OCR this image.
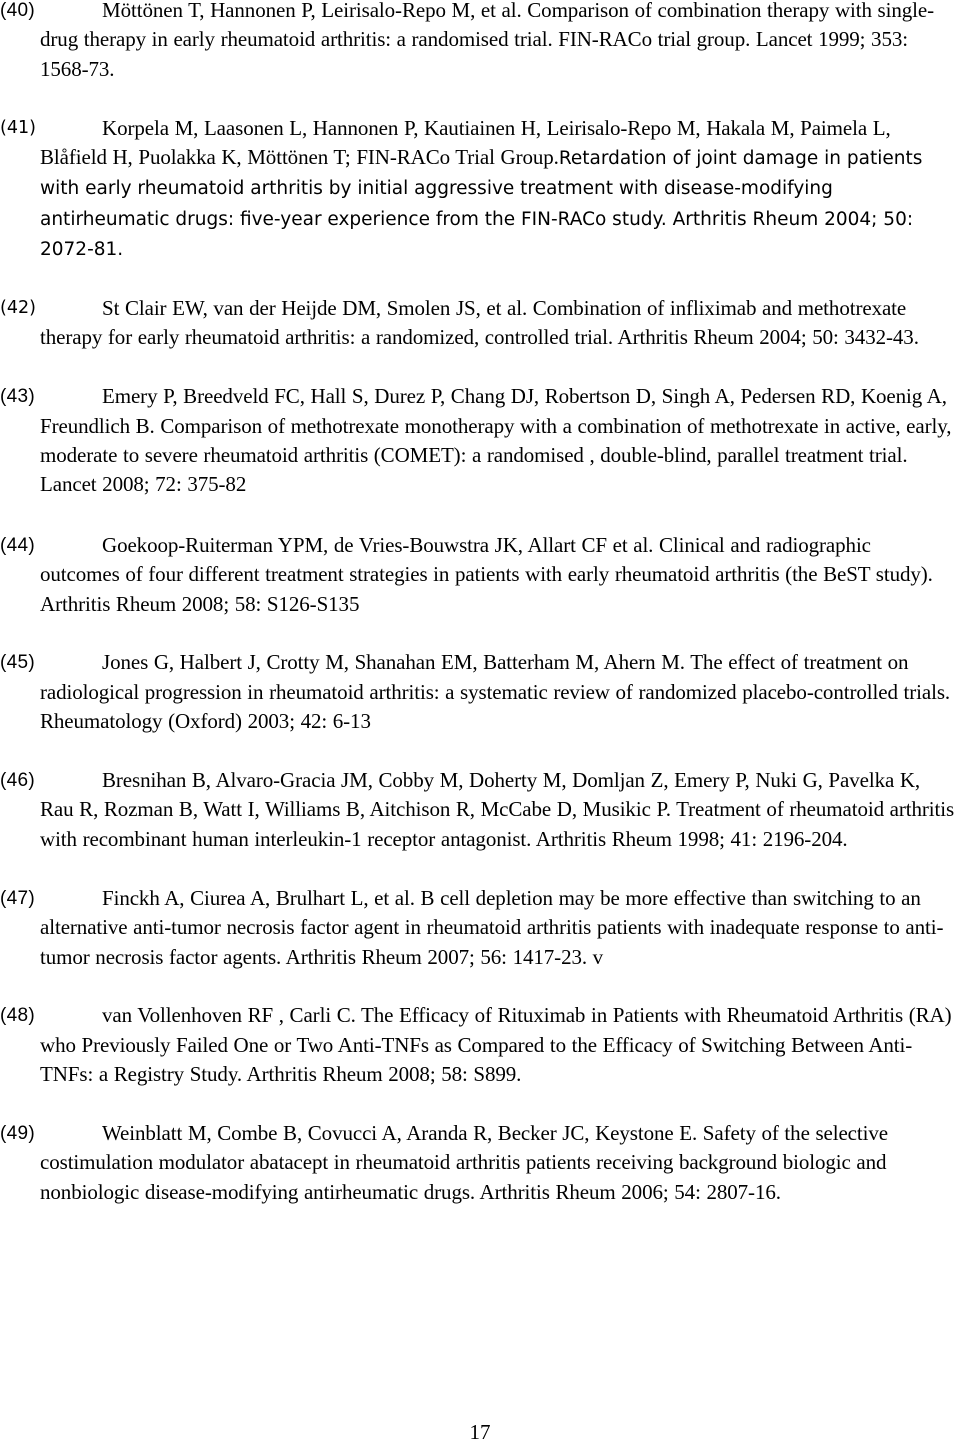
(40)	Möttönen T, Hannonen P, Leirisalo-Repo M, et al. Comparison of combination therapy with single-drug therapy in early rheumatoid arthritis: a randomised trial. FIN-RACo trial group. Lancet 1999; 353: 1568-73.

(41)	Korpela M, Laasonen L, Hannonen P, Kautiainen H, Leirisalo-Repo M, Hakala M, Paimela L, Blåfield H, Puolakka K, Möttönen T; FIN-RACo Trial Group.Retardation of joint damage in patients with early rheumatoid arthritis by initial aggressive treatment with disease-modifying antirheumatic drugs: five-year experience from the FIN-RACo study. Arthritis Rheum 2004; 50: 2072-81.

(42)	St Clair EW, van der Heijde DM, Smolen JS, et al. Combination of infliximab and methotrexate therapy for early rheumatoid arthritis: a randomized, controlled trial. Arthritis Rheum 2004; 50: 3432-43.

(43)	Emery P, Breedveld FC, Hall S, Durez P, Chang DJ, Robertson D, Singh A, Pedersen RD, Koenig A, Freundlich B. Comparison of methotrexate monotherapy with a combination of methotrexate in active, early, moderate to severe rheumatoid arthritis (COMET): a randomised , double-blind, parallel treatment trial. Lancet 2008; 72: 375-82

(44)	Goekoop-Ruiterman YPM, de Vries-Bouwstra JK, Allart CF et al. Clinical and radiographic outcomes of four different treatment strategies in patients with early rheumatoid arthritis (the BeST study). Arthritis Rheum 2008; 58: S126-S135

(45)	Jones G, Halbert J, Crotty M, Shanahan EM, Batterham M, Ahern M. The effect of treatment on radiological progression in rheumatoid arthritis: a systematic review of randomized placebo-controlled trials. Rheumatology (Oxford) 2003; 42: 6-13

(46)	Bresnihan B, Alvaro-Gracia JM, Cobby M, Doherty M, Domljan Z, Emery P, Nuki G, Pavelka K, Rau R, Rozman B, Watt I, Williams B, Aitchison R, McCabe D, Musikic P. Treatment of rheumatoid arthritis with recombinant human interleukin-1 receptor antagonist. Arthritis Rheum 1998; 41: 2196-204.

(47)	Finckh A, Ciurea A, Brulhart L, et al. B cell depletion may be more effective than switching to an alternative anti-tumor necrosis factor agent in rheumatoid arthritis patients with inadequate response to anti-tumor necrosis factor agents. Arthritis Rheum 2007; 56: 1417-23. v

(48)	van Vollenhoven RF , Carli C. The Efficacy of Rituximab in Patients with Rheumatoid Arthritis (RA) who Previously Failed One or Two Anti-TNFs as Compared to the Efficacy of Switching Between Anti-TNFs: a Registry Study. Arthritis Rheum 2008; 58: S899.

(49)	Weinblatt M, Combe B, Covucci A, Aranda R, Becker JC, Keystone E. Safety of the selective costimulation modulator abatacept in rheumatoid arthritis patients receiving background biologic and nonbiologic disease-modifying antirheumatic drugs. Arthritis Rheum 2006; 54: 2807-16.

17
